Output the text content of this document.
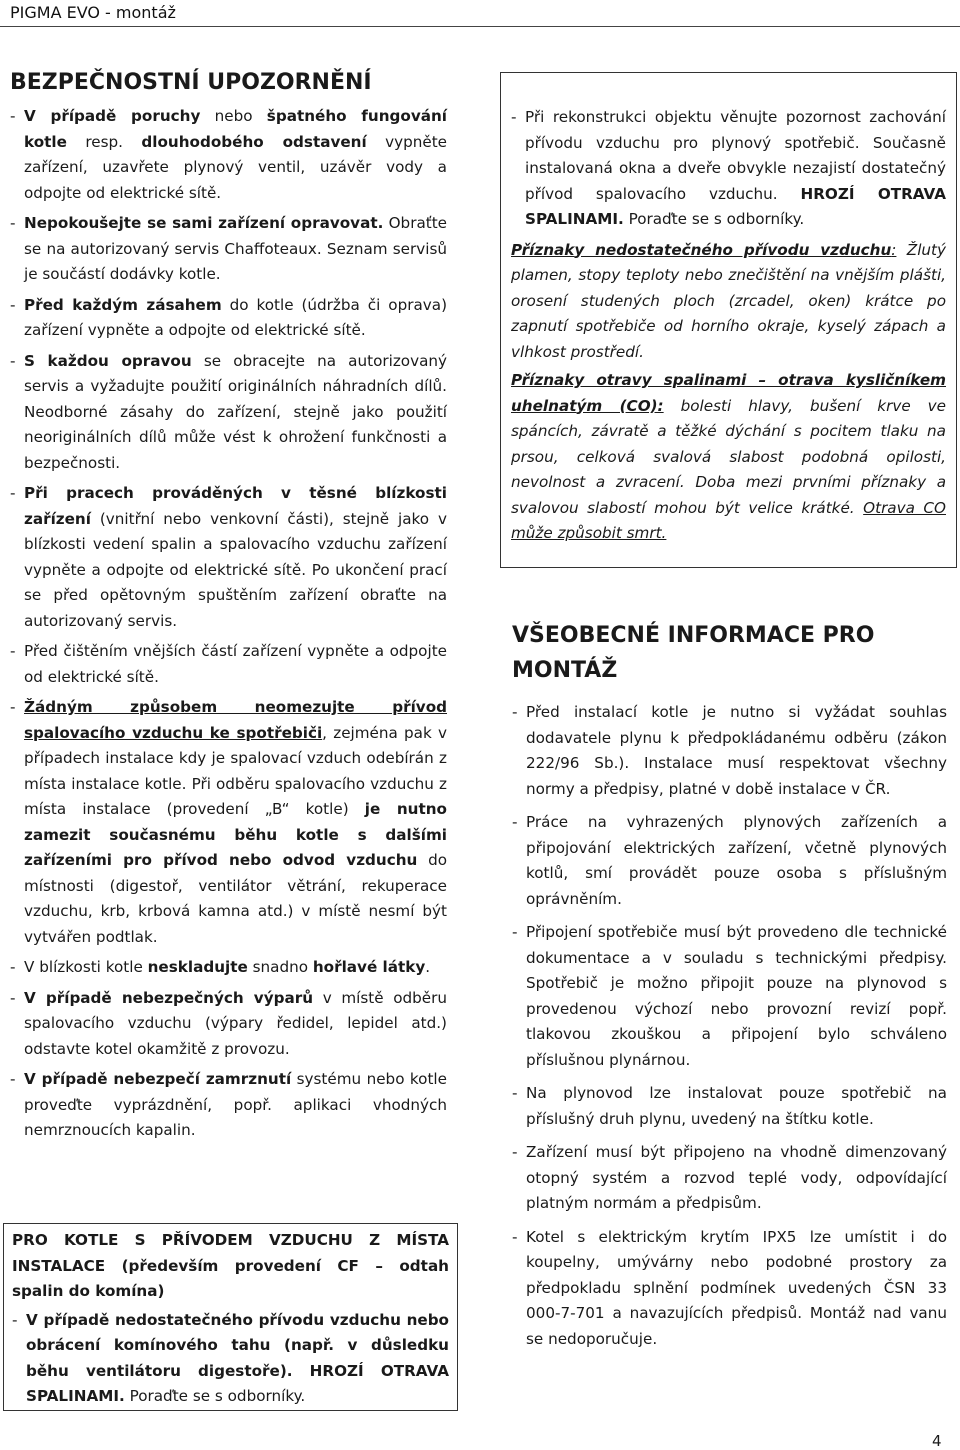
PIGMA EVO - montáž
BEZPEČNOSTNÍ UPOZORNĚNÍ
- V případě poruchy nebo špatného fungování kotle resp. dlouhodobého odstavení vypněte zařízení, uzavřete plynový ventil, uzávěr vody a odpojte od elektrické sítě.
- Nepokoušejte se sami zařízení opravovat. Obraťte se na autorizovaný servis Chaffoteaux. Seznam servisů je součástí dodávky kotle.
- Před každým zásahem do kotle (údržba či oprava) zařízení vypněte a odpojte od elektrické sítě.
- S každou opravou se obracejte na autorizovaný servis a vyžadujte použití originálních náhradních dílů. Neodborné zásahy do zařízení, stejně jako použití neoriginálních dílů může vést k ohrožení funkčnosti a bezpečnosti.
- Při pracech prováděných v těsné blízkosti zařízení (vnitřní nebo venkovní části), stejně jako v blízkosti vedení spalin a spalovacího vzduchu zařízení vypněte a odpojte od elektrické sítě. Po ukončení prací se před opětovným spuštěním zařízení obraťte na autorizovaný servis.
- Před čištěním vnějších částí zařízení vypněte a odpojte od elektrické sítě.
- Žádným způsobem neomezujte přívod spalovacího vzduchu ke spotřebiči, zejména pak v případech instalace kdy je spalovací vzduch odebírán z místa instalace kotle. Při odběru spalovacího vzduchu z místa instalace (provedení „B“ kotle) je nutno zamezit současnému běhu kotle s dalšími zařízeními pro přívod nebo odvod vzduchu do místnosti (digestoř, ventilátor větrání, rekuperace vzduchu, krb, krbová kamna atd.) v místě nesmí být vytvářen podtlak.
- V blízkosti kotle neskladujte snadno hořlavé látky.
- V případě nebezpečných výparů v místě odběru spalovacího vzduchu (výpary ředidel, lepidel atd.) odstavte kotel okamžitě z provozu.
- V případě nebezpečí zamrznutí systému nebo kotle proveďte vyprázdnění, popř. aplikaci vhodných nemrznoucích kapalin.
PRO KOTLE S PŘÍVODEM VZDUCHU Z MÍSTA INSTALACE (především provedení CF – odtah spalin do komína)
- V případě nedostatečného přívodu vzduchu nebo obrácení komínového tahu (např. v důsledku běhu ventilátoru digestoře). HROZÍ OTRAVA SPALINAMI. Poraďte se s odborníky.
- Při rekonstrukci objektu věnujte pozornost zachování přívodu vzduchu pro plynový spotřebič. Současně instalovaná okna a dveře obvykle nezajistí dostatečný přívod spalovacího vzduchu. HROZÍ OTRAVA SPALINAMI. Poraďte se s odborníky.
Příznaky nedostatečného přívodu vzduchu: Žlutý plamen, stopy teploty nebo znečištění na vnějším plášti, orosení studených ploch (zrcadel, oken) krátce po zapnutí spotřebiče od horního okraje, kyselý zápach a vlhkost prostředí.
Příznaky otravy spalinami – otrava kysličníkem uhelnatým (CO): bolesti hlavy, bušení krve ve spáncích, závratě a těžké dýchání s pocitem tlaku na prsou, celková svalová slabost podobná opilosti, nevolnost a zvracení. Doba mezi prvními příznaky a svalovou slabostí mohou být velice krátké. Otrava CO může způsobit smrt.
VŠEOBECNÉ INFORMACE PRO MONTÁŽ
- Před instalací kotle je nutno si vyžádat souhlas dodavatele plynu k předpokládanému odběru (zákon 222/96 Sb.). Instalace musí respektovat všechny normy a předpisy, platné v době instalace v ČR.
- Práce na vyhrazených plynových zařízeních a připojování elektrických zařízení, včetně plynových kotlů, smí provádět pouze osoba s příslušným oprávněním.
- Připojení spotřebiče musí být provedeno dle technické dokumentace a v souladu s technickými předpisy. Spotřebič je možno připojit pouze na plynovod s provedenou výchozí nebo provozní revizí popř. tlakovou zkouškou a připojení bylo schváleno příslušnou plynárnou.
- Na plynovod lze instalovat pouze spotřebič na příslušný druh plynu, uvedený na štítku kotle.
- Zařízení musí být připojeno na vhodně dimenzovaný otopný systém a rozvod teplé vody, odpovídající platným normám a předpisům.
- Kotel s elektrickým krytím IPX5 lze umístit i do koupelny, umývárny nebo podobné prostory za předpokladu splnění podmínek uvedených ČSN 33 000-7-701 a navazujících předpisů. Montáž nad vanu se nedoporučuje.
4
